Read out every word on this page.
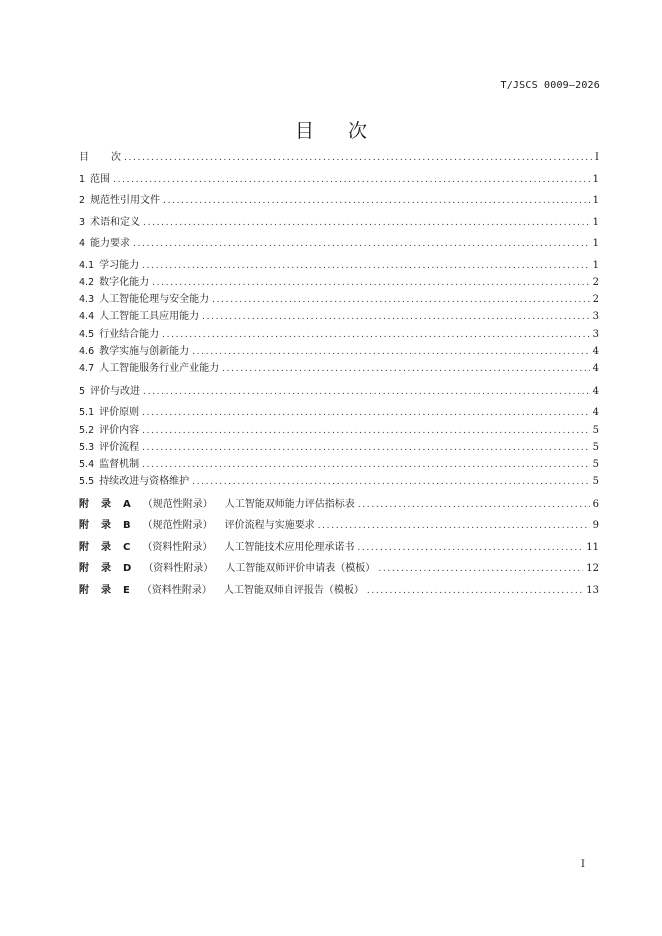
T/JSCS 0009—2026
目 次
目 次 . . .	I
1 范围 . . .	1
2 规范性引用文件 . . .	1
3 术语和定义 . . .	1
4 能力要求 . . .	1
4.1 学习能力 . . .	1
4.2 数字化能力 . . .	2
4.3 人工智能伦理与安全能力 . . .	2
4.4 人工智能工具应用能力 . . .	3
4.5 行业结合能力 . . .	3
4.6 教学实施与创新能力 . . .	4
4.7 人工智能服务行业产业能力 . . .	4
5 评价与改进 . . .	4
5.1 评价原则 . . .	4
5.2 评价内容 . . .	5
5.3 评价流程 . . .	5
5.4 监督机制 . . .	5
5.5 持续改进与资格维护 . . .	5
附 录 A （规范性附录） 人工智能双师能力评估指标表 . . .	6
附 录 B （规范性附录） 评价流程与实施要求 . . .	9
附 录 C （资料性附录） 人工智能技术应用伦理承诺书 . . .	11
附 录 D （资料性附录） 人工智能双师评价申请表（模板） . . .	12
附 录 E （资料性附录） 人工智能双师自评报告（模板） . . .	13
I
